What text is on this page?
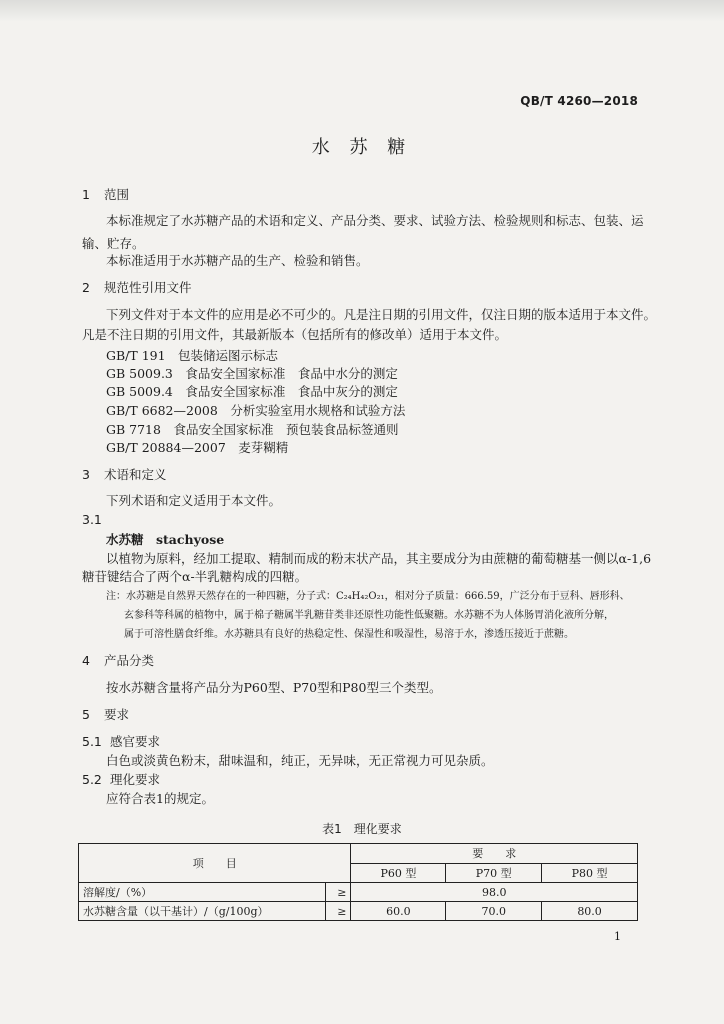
QB/T 4260—2018
水 苏 糖
1 范围
本标准规定了水苏糖产品的术语和定义、产品分类、要求、试验方法、检验规则和标志、包装、运
输、贮存。
本标准适用于水苏糖产品的生产、检验和销售。
2 规范性引用文件
下列文件对于本文件的应用是必不可少的。凡是注日期的引用文件，仅注日期的版本适用于本文件。
凡是不注日期的引用文件，其最新版本（包括所有的修改单）适用于本文件。
GB/T 191　包装储运图示标志
GB 5009.3　食品安全国家标准　食品中水分的测定
GB 5009.4　食品安全国家标准　食品中灰分的测定
GB/T 6682—2008　分析实验室用水规格和试验方法
GB 7718　食品安全国家标准　预包装食品标签通则
GB/T 20884—2007　麦芽糊精
3 术语和定义
下列术语和定义适用于本文件。
3.1
水苏糖　stachyose
以植物为原料，经加工提取、精制而成的粉末状产品，其主要成分为由蔗糖的葡萄糖基一侧以α-1,6
糖苷键结合了两个α-半乳糖构成的四糖。
注：水苏糖是自然界天然存在的一种四糖，分子式：C₂₄H₄₂O₂₁，相对分子质量：666.59，广泛分布于豆科、唇形科、
玄参科等科属的植物中，属于棉子糖属半乳糖苷类非还原性功能性低聚糖。水苏糖不为人体肠胃消化液所分解，
属于可溶性膳食纤维。水苏糖具有良好的热稳定性、保湿性和吸湿性，易溶于水，渗透压接近于蔗糖。
4 产品分类
按水苏糖含量将产品分为P60型、P70型和P80型三个类型。
5 要求
5.1 感官要求
白色或淡黄色粉末，甜味温和，纯正，无异味，无正常视力可见杂质。
5.2 理化要求
应符合表1的规定。
表1　理化要求
项　　目		要　　求		
		P60 型	P70 型	P80 型
溶解度/（%）	≥	98.0		
水苏糖含量（以干基计）/（g/100g）	≥	60.0	70.0	80.0
1
